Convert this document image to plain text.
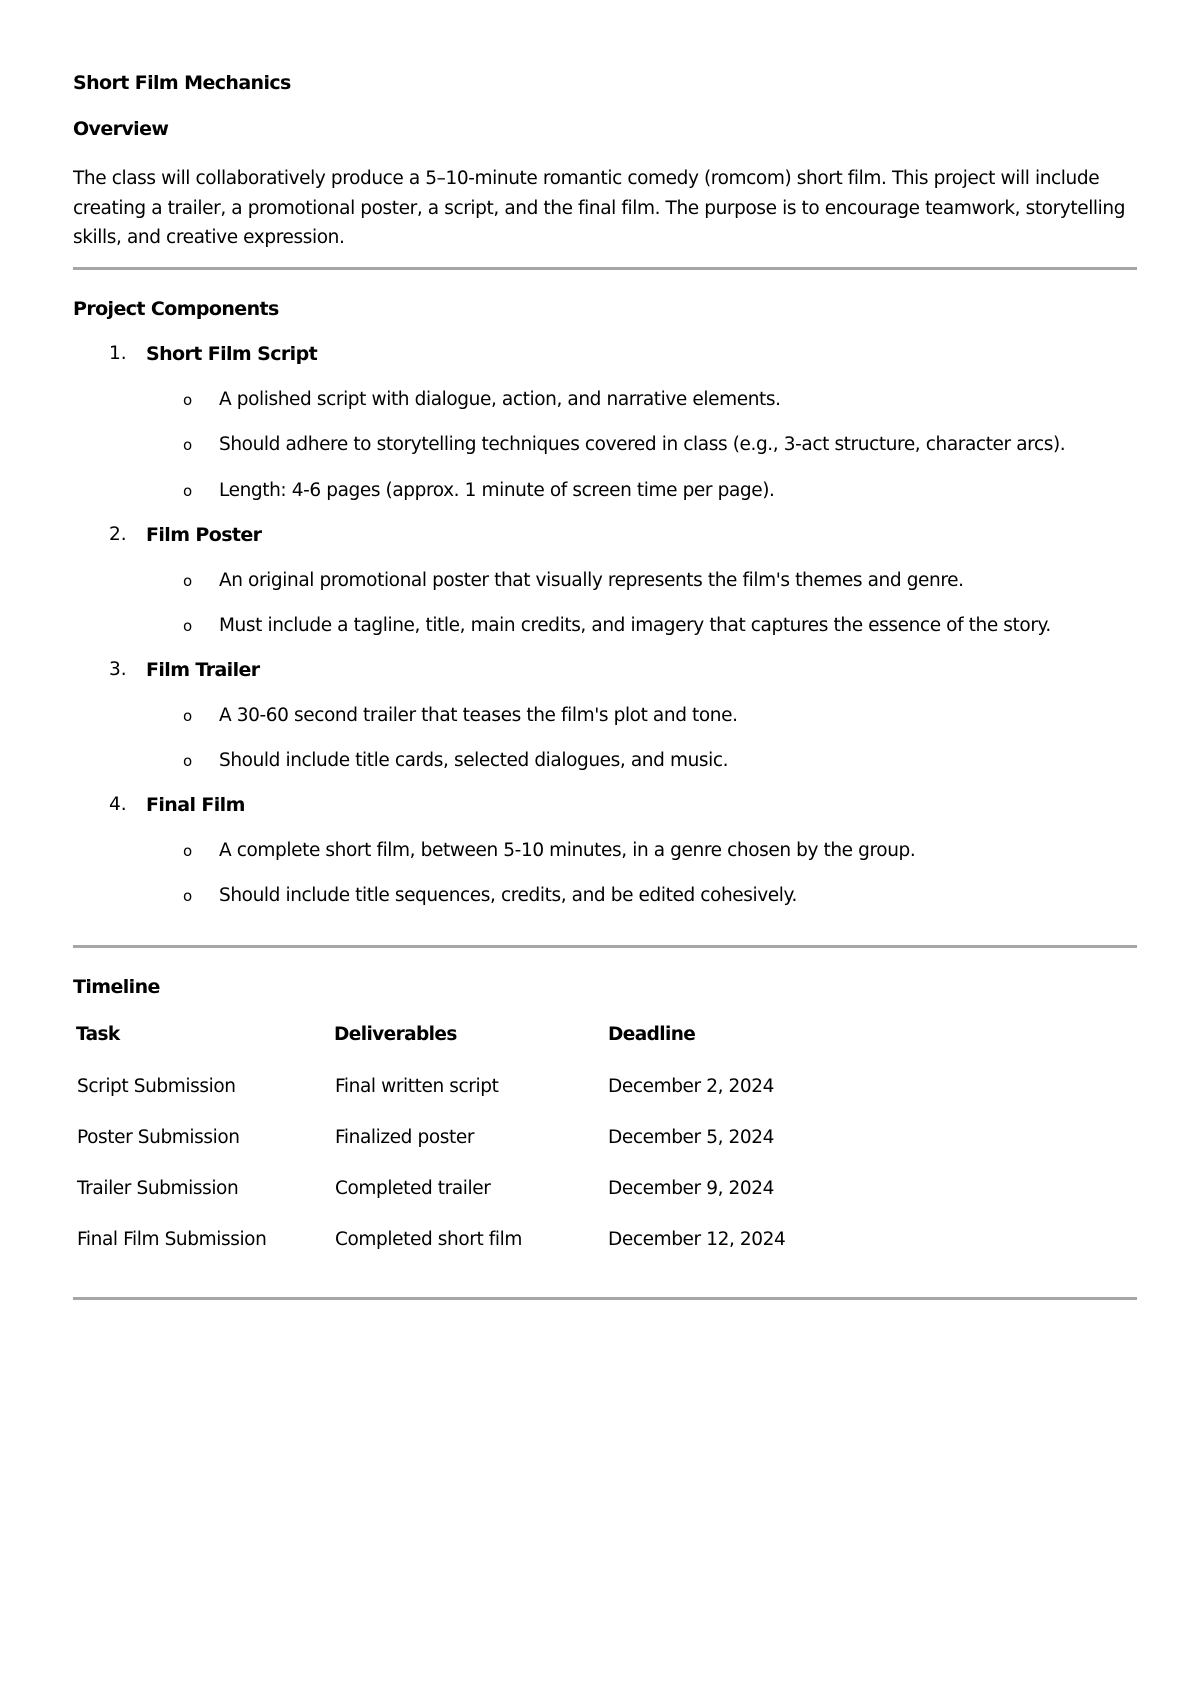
Short Film Mechanics
Overview
The class will collaboratively produce a 5–10-minute romantic comedy (romcom) short film. This project will include
creating a trailer, a promotional poster, a script, and the final film. The purpose is to encourage teamwork, storytelling
skills, and creative expression.
Project Components
1. Short Film Script
o A polished script with dialogue, action, and narrative elements.
o Should adhere to storytelling techniques covered in class (e.g., 3-act structure, character arcs).
o Length: 4-6 pages (approx. 1 minute of screen time per page).
2. Film Poster
o An original promotional poster that visually represents the film's themes and genre.
o Must include a tagline, title, main credits, and imagery that captures the essence of the story.
3. Film Trailer
o A 30-60 second trailer that teases the film's plot and tone.
o Should include title cards, selected dialogues, and music.
4. Final Film
o A complete short film, between 5-10 minutes, in a genre chosen by the group.
o Should include title sequences, credits, and be edited cohesively.
Timeline
Task	Deliverables	Deadline
Script Submission	Final written script	December 2, 2024
Poster Submission	Finalized poster	December 5, 2024
Trailer Submission	Completed trailer	December 9, 2024
Final Film Submission	Completed short film	December 12, 2024
